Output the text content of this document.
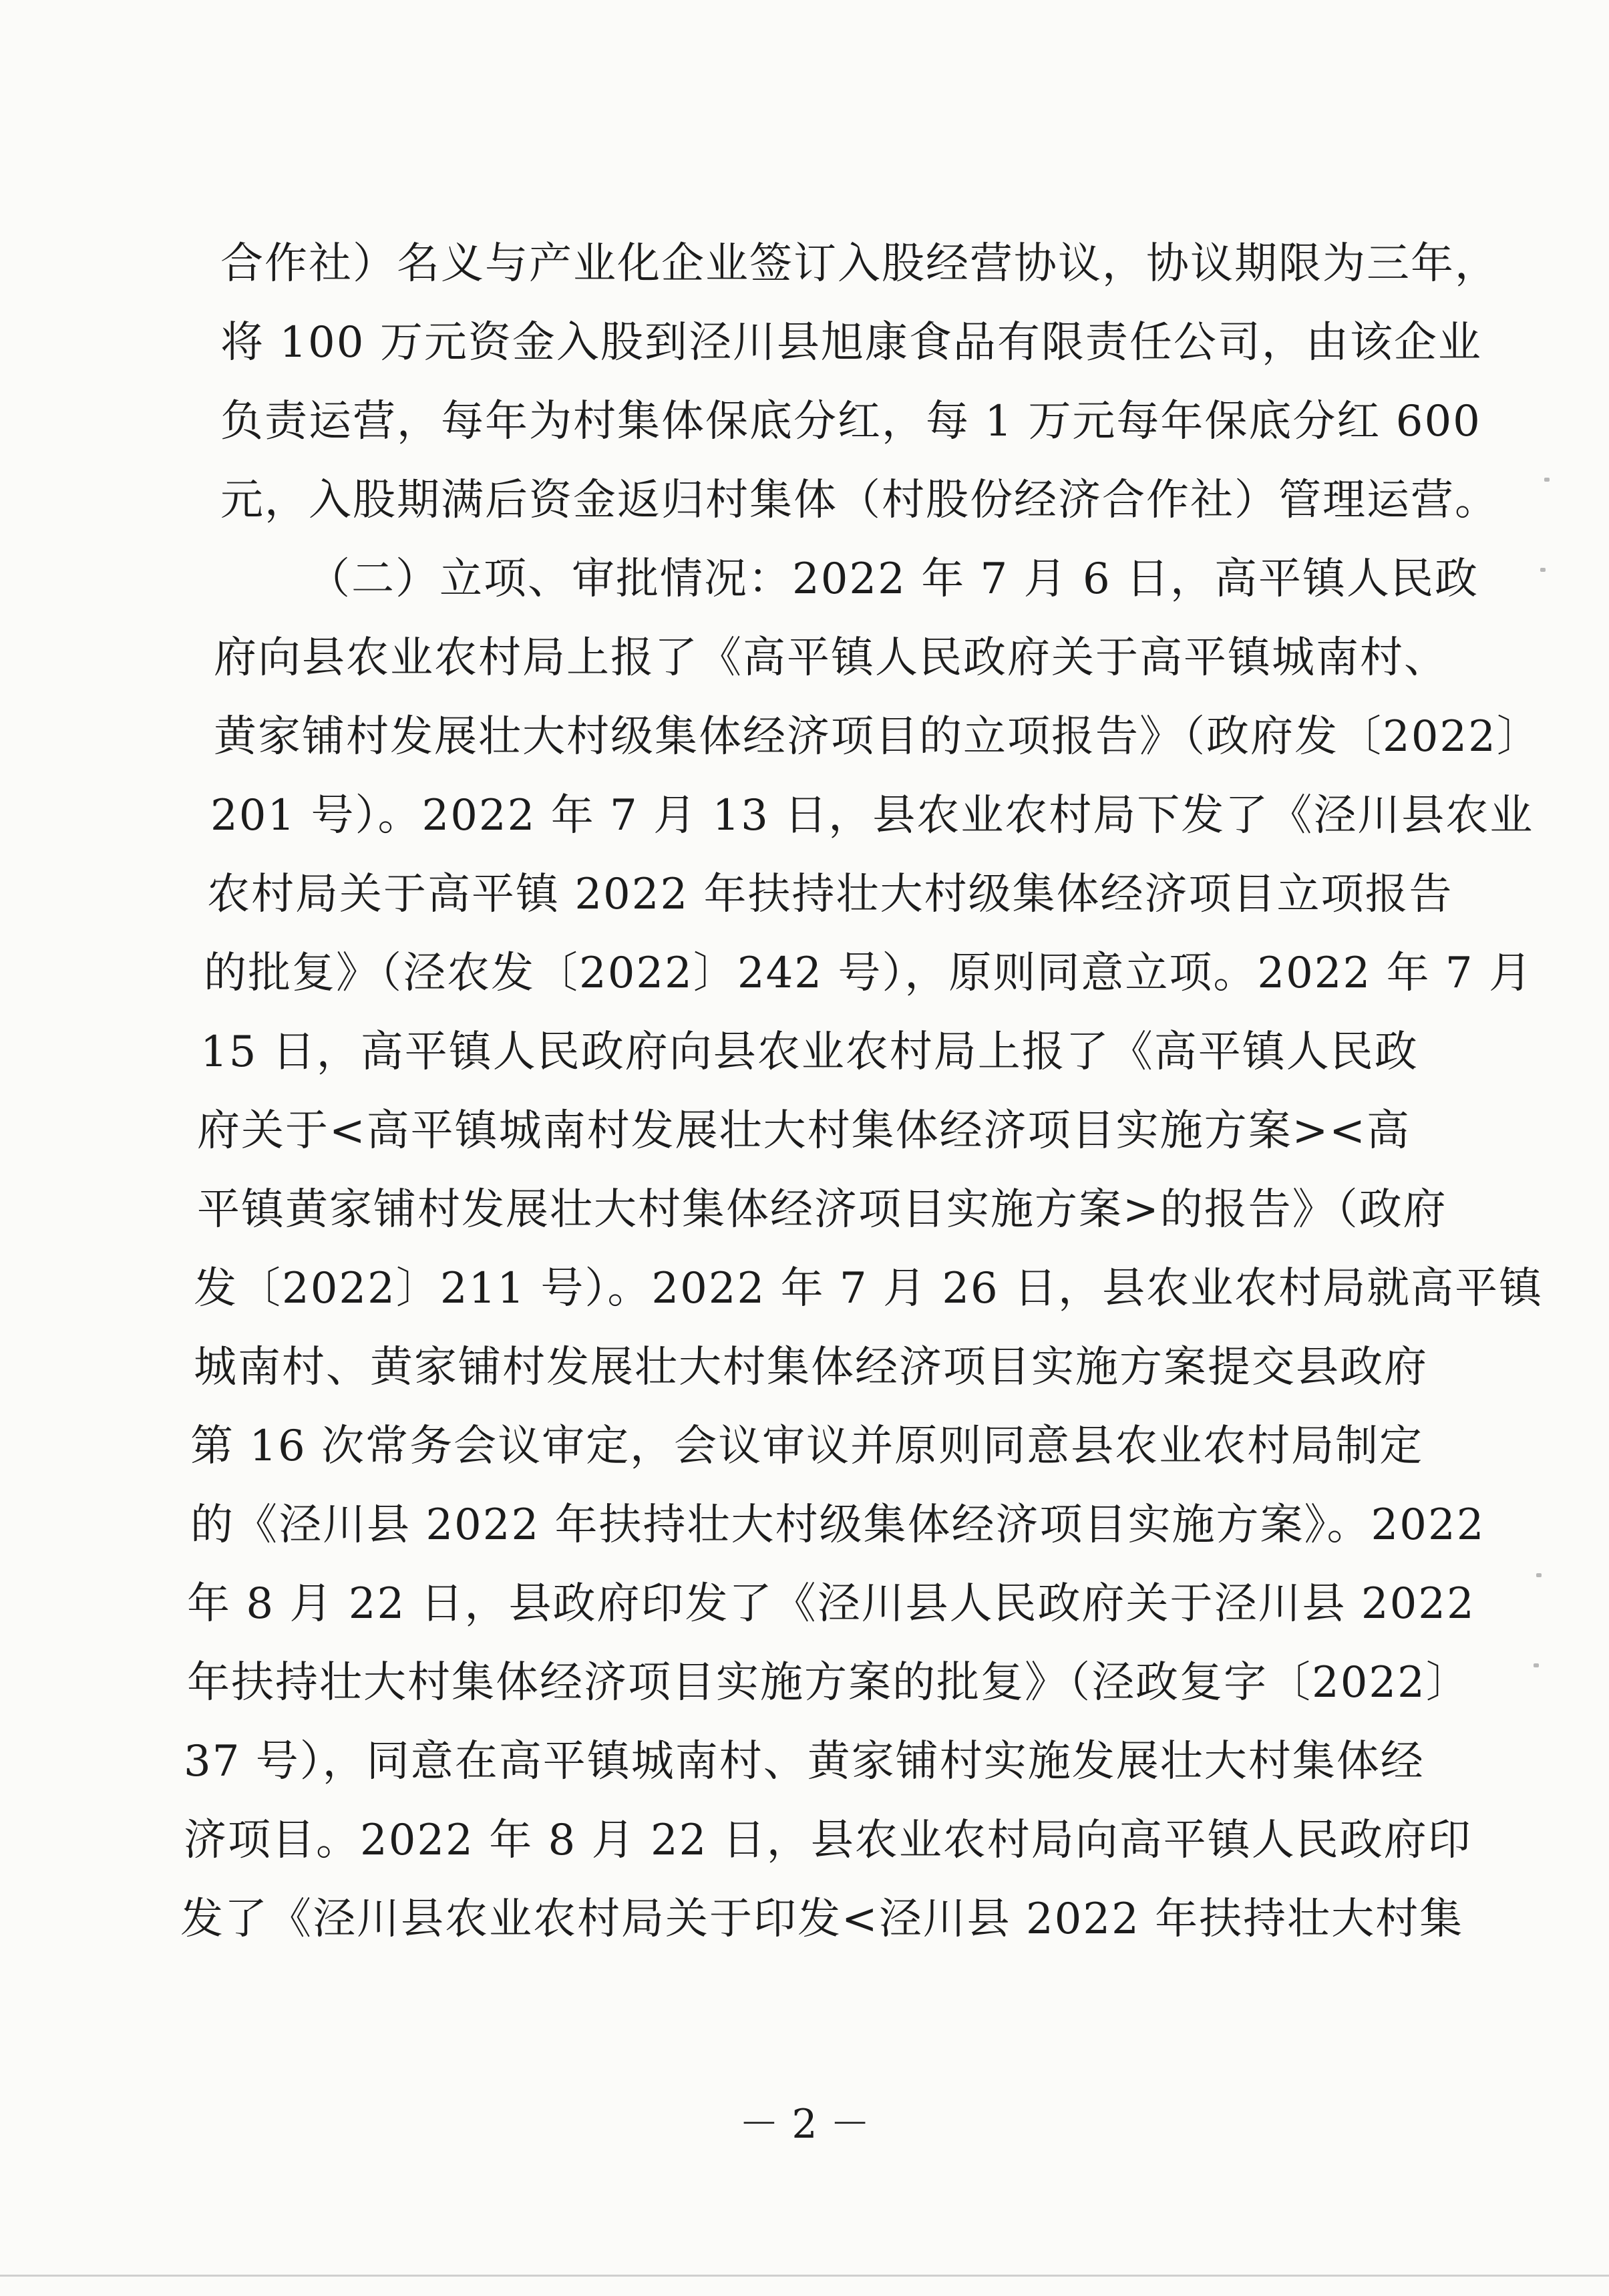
合作社）名义与产业化企业签订入股经营协议，协议期限为三年，
将 100 万元资金入股到泾川县旭康食品有限责任公司，由该企业
负责运营，每年为村集体保底分红，每 1 万元每年保底分红 600
元，入股期满后资金返归村集体（村股份经济合作社）管理运营。
（二）立项、审批情况：2022 年 7 月 6 日，高平镇人民政
府向县农业农村局上报了《高平镇人民政府关于高平镇城南村、
黄家铺村发展壮大村级集体经济项目的立项报告》（政府发〔2022〕
201 号）。2022 年 7 月 13 日，县农业农村局下发了《泾川县农业
农村局关于高平镇 2022 年扶持壮大村级集体经济项目立项报告
的批复》（泾农发〔2022〕242 号），原则同意立项。2022 年 7 月
15 日，高平镇人民政府向县农业农村局上报了《高平镇人民政
府关于<高平镇城南村发展壮大村集体经济项目实施方案><高
平镇黄家铺村发展壮大村集体经济项目实施方案>的报告》（政府
发〔2022〕211 号）。2022 年 7 月 26 日，县农业农村局就高平镇
城南村、黄家铺村发展壮大村集体经济项目实施方案提交县政府
第 16 次常务会议审定，会议审议并原则同意县农业农村局制定
的《泾川县 2022 年扶持壮大村级集体经济项目实施方案》。2022
年 8 月 22 日，县政府印发了《泾川县人民政府关于泾川县 2022
年扶持壮大村集体经济项目实施方案的批复》（泾政复字〔2022〕
37 号），同意在高平镇城南村、黄家铺村实施发展壮大村集体经
济项目。2022 年 8 月 22 日，县农业农村局向高平镇人民政府印
发了《泾川县农业农村局关于印发<泾川县 2022 年扶持壮大村集
－ 2 －
